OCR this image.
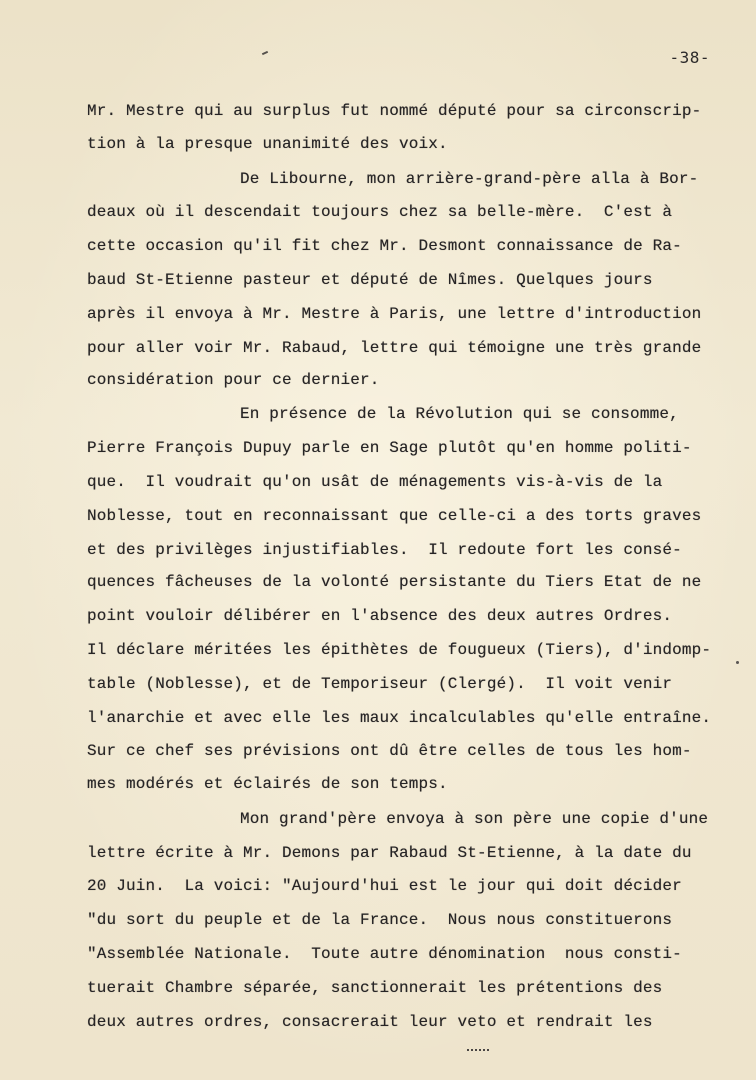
-38-
Mr. Mestre qui au surplus fut nommé député pour sa circonscrip-
tion à la presque unanimité des voix.
De Libourne, mon arrière-grand-père alla à Bor-
deaux où il descendait toujours chez sa belle-mère.  C'est à
cette occasion qu'il fit chez Mr. Desmont connaissance de Ra-
baud St-Etienne pasteur et député de Nîmes. Quelques jours
après il envoya à Mr. Mestre à Paris, une lettre d'introduction
pour aller voir Mr. Rabaud, lettre qui témoigne une très grande
considération pour ce dernier.
En présence de la Révolution qui se consomme,
Pierre François Dupuy parle en Sage plutôt qu'en homme politi-
que.  Il voudrait qu'on usât de ménagements vis-à-vis de la
Noblesse, tout en reconnaissant que celle-ci a des torts graves
et des privilèges injustifiables.  Il redoute fort les consé-
quences fâcheuses de la volonté persistante du Tiers Etat de ne
point vouloir délibérer en l'absence des deux autres Ordres.
Il déclare méritées les épithètes de fougueux (Tiers), d'indomp-
table (Noblesse), et de Temporiseur (Clergé).  Il voit venir
l'anarchie et avec elle les maux incalculables qu'elle entraîne.
Sur ce chef ses prévisions ont dû être celles de tous les hom-
mes modérés et éclairés de son temps.
Mon grand'père envoya à son père une copie d'une
lettre écrite à Mr. Demons par Rabaud St-Etienne, à la date du
20 Juin.  La voici: "Aujourd'hui est le jour qui doit décider
"du sort du peuple et de la France.  Nous nous constituerons
"Assemblée Nationale.  Toute autre dénomination  nous consti-
tuerait Chambre séparée, sanctionnerait les prétentions des
deux autres ordres, consacrerait leur veto et rendrait les
